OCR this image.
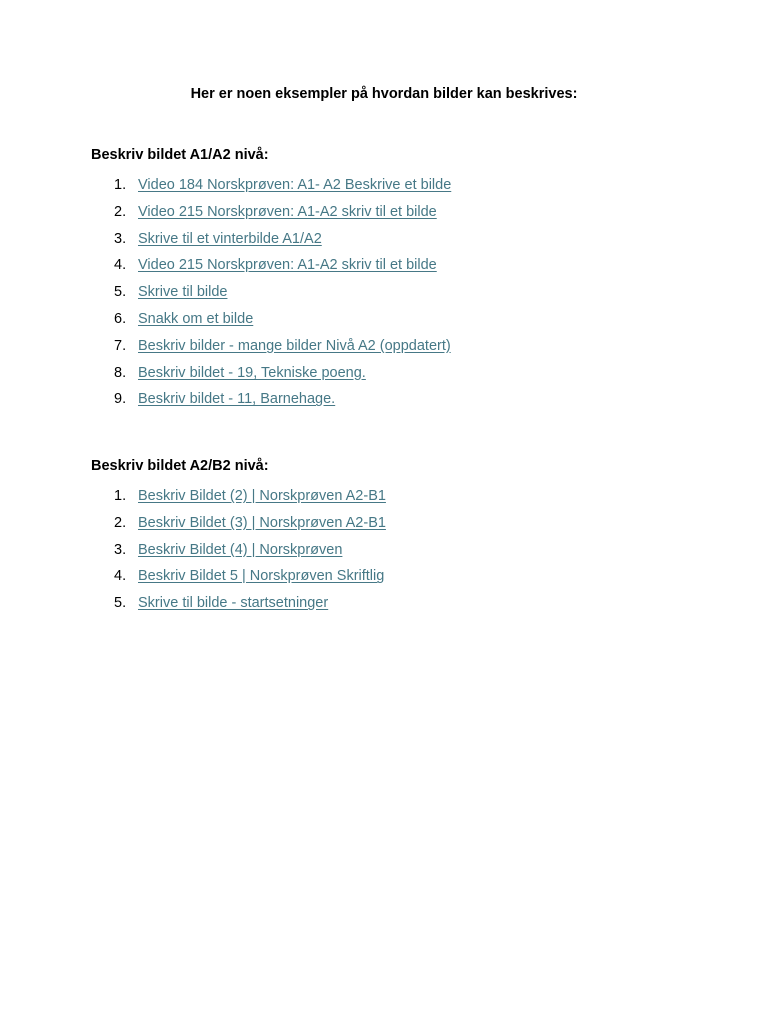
Her er noen eksempler på hvordan bilder kan beskrives:

Beskriv bildet A1/A2 nivå:

1. Video 184 Norskprøven: A1- A2 Beskrive et bilde
2. Video 215 Norskprøven: A1-A2 skriv til et bilde
3. Skrive til et vinterbilde A1/A2
4. Video 215 Norskprøven: A1-A2 skriv til et bilde
5. Skrive til bilde
6. Snakk om et bilde
7. Beskriv bilder - mange bilder Nivå A2 (oppdatert)
8. Beskriv bildet - 19, Tekniske poeng.
9. Beskriv bildet - 11, Barnehage.

Beskriv bildet A2/B2 nivå:

1. Beskriv Bildet (2) | Norskprøven A2-B1
2. Beskriv Bildet (3) | Norskprøven A2-B1
3. Beskriv Bildet (4) | Norskprøven
4. Beskriv Bildet 5 | Norskprøven Skriftlig
5. Skrive til bilde - startsetninger
